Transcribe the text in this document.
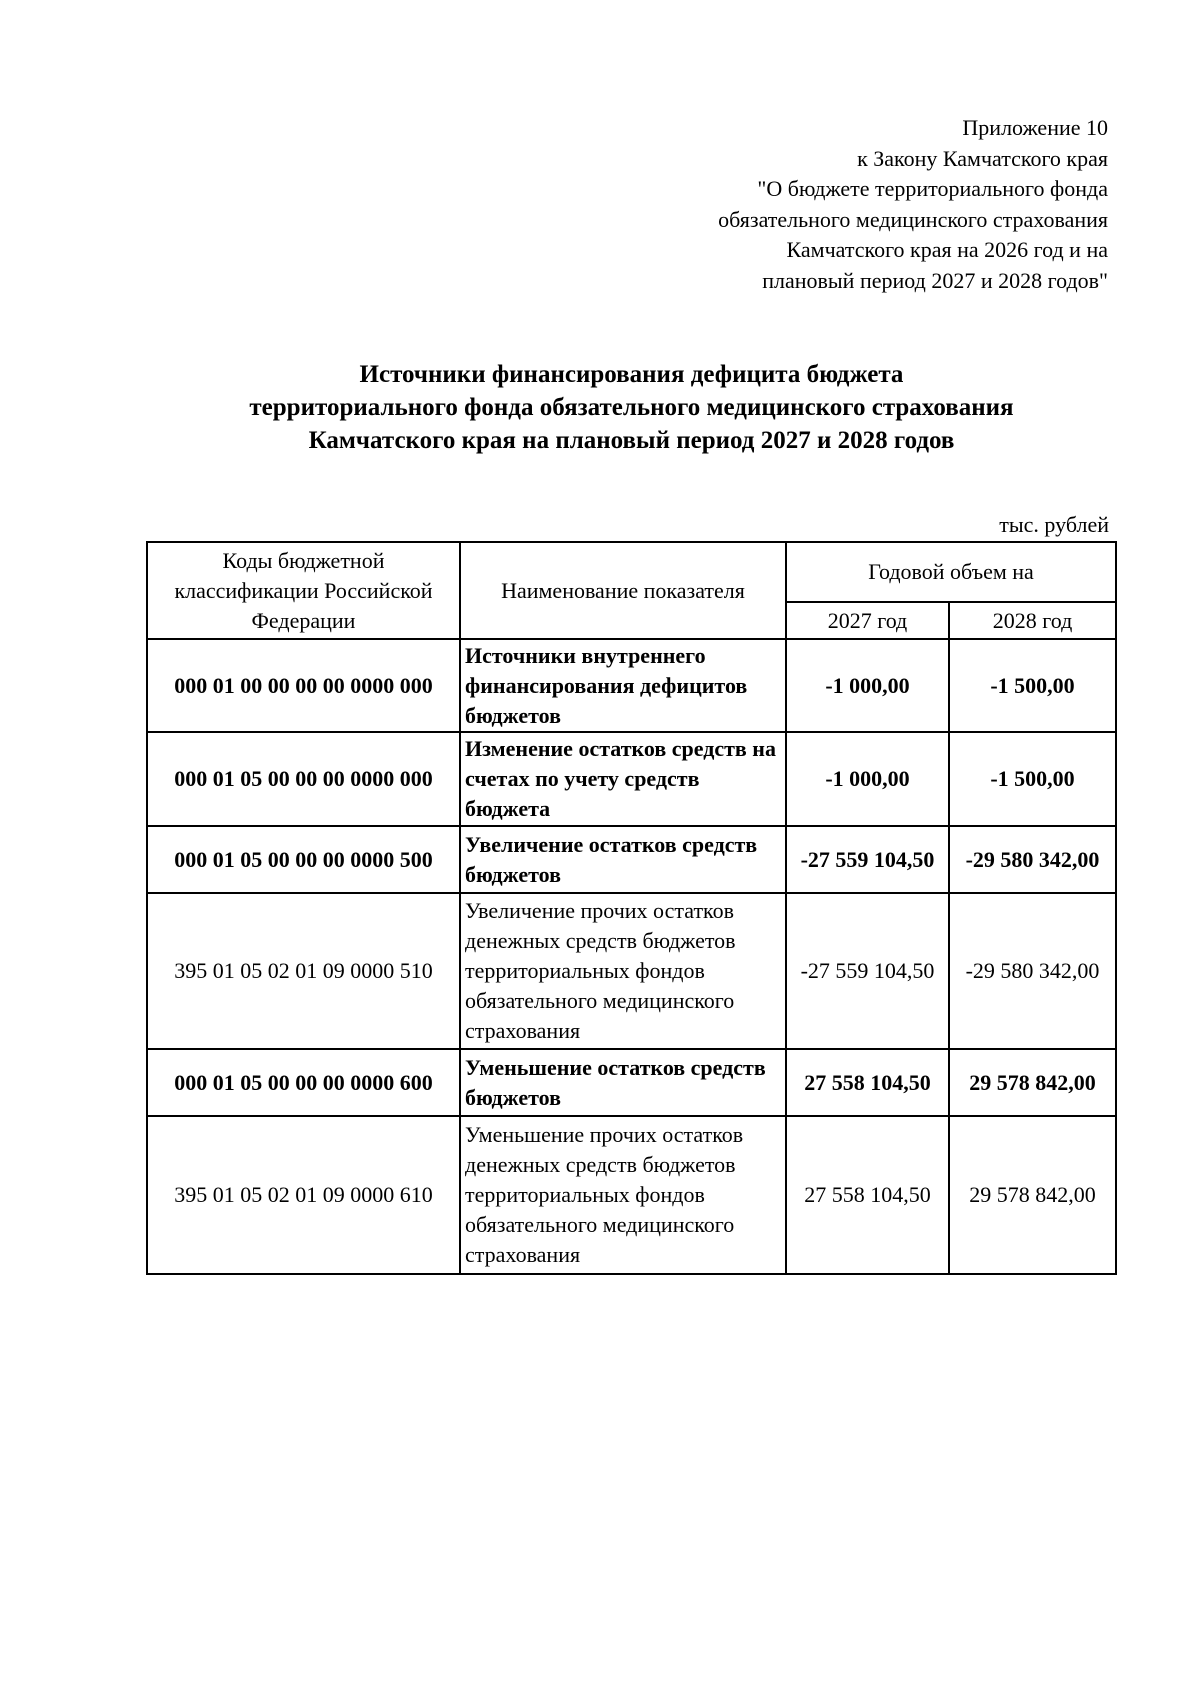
Приложение 10
к Закону Камчатского края
"О бюджете территориального фонда
обязательного медицинского страхования
Камчатского края на 2026 год и на
плановый период 2027 и 2028 годов"
Источники финансирования дефицита бюджета
территориального фонда обязательного медицинского страхования
Камчатского края на плановый период 2027 и 2028 годов
тыс. рублей
Коды бюджетной классификации Российской Федерации	Наименование показателя	Годовой объем на	
		2027 год	2028 год
000 01 00 00 00 00 0000 000	Источники внутреннего финансирования дефицитов бюджетов	-1 000,00	-1 500,00
000 01 05 00 00 00 0000 000	Изменение остатков средств на счетах по учету средств бюджета	-1 000,00	-1 500,00
000 01 05 00 00 00 0000 500	Увеличение остатков средств бюджетов	-27 559 104,50	-29 580 342,00
395 01 05 02 01 09 0000 510	Увеличение прочих остатков денежных средств бюджетов территориальных фондов обязательного медицинского страхования	-27 559 104,50	-29 580 342,00
000 01 05 00 00 00 0000 600	Уменьшение остатков средств бюджетов	27 558 104,50	29 578 842,00
395 01 05 02 01 09 0000 610	Уменьшение прочих остатков денежных средств бюджетов территориальных фондов обязательного медицинского страхования	27 558 104,50	29 578 842,00
